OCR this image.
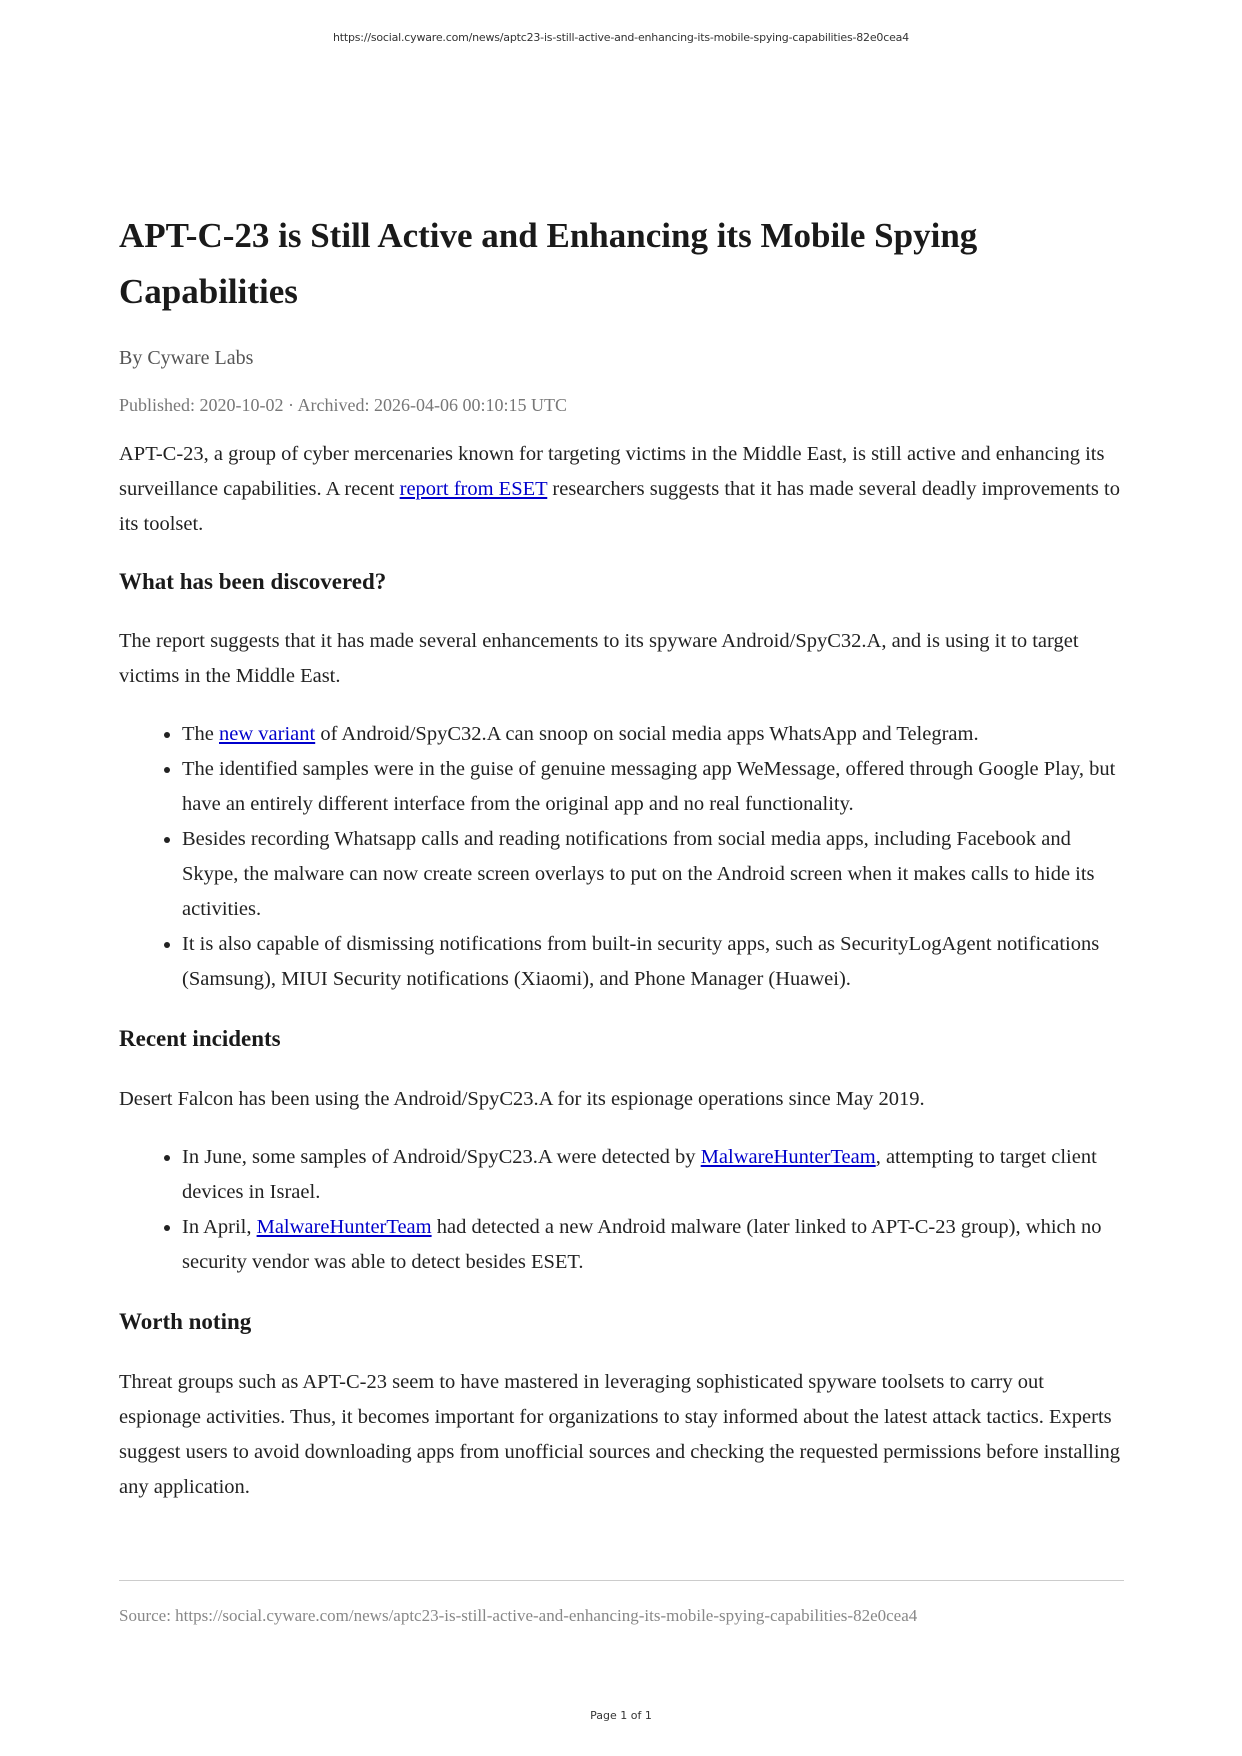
https://social.cyware.com/news/aptc23-is-still-active-and-enhancing-its-mobile-spying-capabilities-82e0cea4
APT-C-23 is Still Active and Enhancing its Mobile Spying Capabilities
By Cyware Labs
Published: 2020-10-02 · Archived: 2026-04-06 00:10:15 UTC

APT-C-23, a group of cyber mercenaries known for targeting victims in the Middle East, is still active and enhancing its surveillance capabilities. A recent report from ESET researchers suggests that it has made several deadly improvements to its toolset.

What has been discovered?

The report suggests that it has made several enhancements to its spyware Android/SpyC32.A, and is using it to target victims in the Middle East.

• The new variant of Android/SpyC32.A can snoop on social media apps WhatsApp and Telegram.
• The identified samples were in the guise of genuine messaging app WeMessage, offered through Google Play, but have an entirely different interface from the original app and no real functionality.
• Besides recording Whatsapp calls and reading notifications from social media apps, including Facebook and Skype, the malware can now create screen overlays to put on the Android screen when it makes calls to hide its activities.
• It is also capable of dismissing notifications from built-in security apps, such as SecurityLogAgent notifications (Samsung), MIUI Security notifications (Xiaomi), and Phone Manager (Huawei).
Recent incidents

Desert Falcon has been using the Android/SpyC23.A for its espionage operations since May 2019.

• In June, some samples of Android/SpyC23.A were detected by MalwareHunterTeam, attempting to target client devices in Israel.
• In April, MalwareHunterTeam had detected a new Android malware (later linked to APT-C-23 group), which no security vendor was able to detect besides ESET.
Worth noting

Threat groups such as APT-C-23 seem to have mastered in leveraging sophisticated spyware toolsets to carry out espionage activities. Thus, it becomes important for organizations to stay informed about the latest attack tactics. Experts suggest users to avoid downloading apps from unofficial sources and checking the requested permissions before installing any application.

Source: https://social.cyware.com/news/aptc23-is-still-active-and-enhancing-its-mobile-spying-capabilities-82e0cea4
Page 1 of 1
